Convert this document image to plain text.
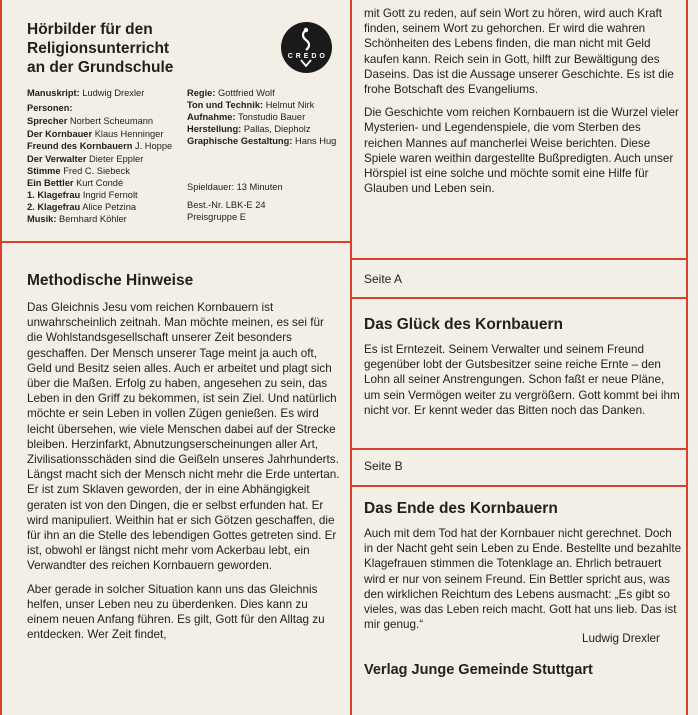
Hörbilder für den
Religionsunterricht
an der Grundschule
C R E D O
Manuskript: Ludwig Drexler
Personen:
Sprecher Norbert Scheumann
Der Kornbauer Klaus Henninger
Freund des Kornbauern J. Hoppe
Der Verwalter Dieter Eppler
Stimme Fred C. Siebeck
Ein Bettler Kurt Condé
1. Klagefrau Ingrid Fernolt
2. Klagefrau Alice Petzina
Musik: Bernhard Köhler
Regie: Gottfried Wolf
Ton und Technik: Helmut Nirk
Aufnahme: Tonstudio Bauer
Herstellung: Pallas, Diepholz
Graphische Gestaltung: Hans Hug
Spieldauer: 13 Minuten
Best.-Nr. LBK-E 24
Preisgruppe E
Methodische Hinweise

Das Gleichnis Jesu vom reichen Kornbauern ist unwahrscheinlich zeitnah. Man möchte meinen, es sei für die Wohlstandsgesellschaft unserer Zeit besonders geschaffen. Der Mensch unserer Tage meint ja auch oft, Geld und Besitz seien alles. Auch er arbeitet und plagt sich über die Maßen. Erfolg zu haben, angesehen zu sein, das Leben in den Griff zu bekommen, ist sein Ziel. Und natürlich möchte er sein Leben in vollen Zügen genießen. Es wird leicht übersehen, wie viele Menschen dabei auf der Strecke bleiben. Herzinfarkt, Abnutzungserscheinungen aller Art, Zivilisationsschäden sind die Geißeln unseres Jahrhunderts. Längst macht sich der Mensch nicht mehr die Erde untertan. Er ist zum Sklaven geworden, der in eine Abhängigkeit geraten ist von den Dingen, die er selbst erfunden hat. Er wird manipuliert. Weithin hat er sich Götzen geschaffen, die für ihn an die Stelle des lebendigen Gottes getreten sind. Er ist, obwohl er längst nicht mehr vom Ackerbau lebt, ein Verwandter des reichen Kornbauern geworden.

Aber gerade in solcher Situation kann uns das Gleichnis helfen, unser Leben neu zu überdenken. Dies kann zu einem neuen Anfang führen. Es gilt, Gott für den Alltag zu entdecken. Wer Zeit findet,

mit Gott zu reden, auf sein Wort zu hören, wird auch Kraft finden, seinem Wort zu gehorchen. Er wird die wahren Schönheiten des Lebens finden, die man nicht mit Geld kaufen kann. Reich sein in Gott, hilft zur Bewältigung des Daseins. Das ist die Aussage unserer Geschichte. Es ist die frohe Botschaft des Evangeliums.

Die Geschichte vom reichen Kornbauern ist die Wurzel vieler Mysterien- und Legendenspiele, die vom Sterben des reichen Mannes auf mancherlei Weise berichten. Diese Spiele waren weithin dargestellte Bußpredigten. Auch unser Hörspiel ist eine solche und möchte somit eine Hilfe für Glauben und Leben sein.

Seite A
Das Glück des Kornbauern
Es ist Erntezeit. Seinem Verwalter und seinem Freund gegenüber lobt der Gutsbesitzer seine reiche Ernte – den Lohn all seiner Anstrengungen. Schon faßt er neue Pläne, um sein Vermögen weiter zu vergrößern. Gott kommt bei ihm nicht vor. Er kennt weder das Bitten noch das Danken.
Seite B
Das Ende des Kornbauern
Auch mit dem Tod hat der Kornbauer nicht gerechnet. Doch in der Nacht geht sein Leben zu Ende. Bestellte und bezahlte Klagefrauen stimmen die Totenklage an. Ehrlich betrauert wird er nur von seinem Freund. Ein Bettler spricht aus, was den wirklichen Reichtum des Lebens ausmacht: „Es gibt so vieles, was das Leben reich macht. Gott hat uns lieb. Das ist mir genug.“
Ludwig Drexler
Verlag Junge Gemeinde Stuttgart
